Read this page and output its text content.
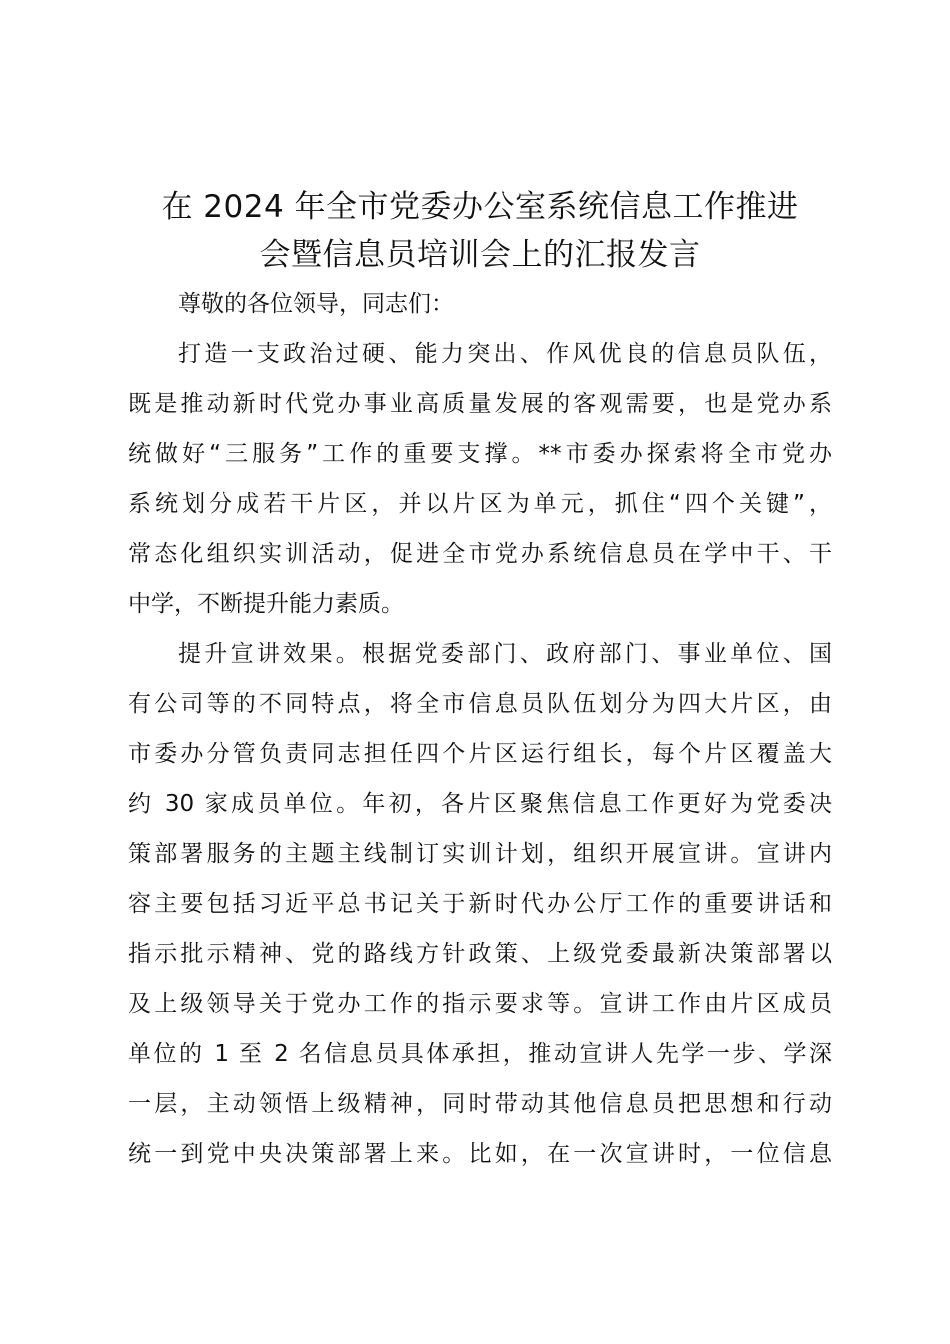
在 2024 年全市党委办公室系统信息工作推进
会暨信息员培训会上的汇报发言

尊敬的各位领导，同志们：

打造一支政治过硬、能力突出、作风优良的信息员队伍，
既是推动新时代党办事业高质量发展的客观需要，也是党办系
统做好“三服务”工作的重要支撑。**市委办探索将全市党办
系统划分成若干片区，并以片区为单元，抓住“四个关键”，
常态化组织实训活动，促进全市党办系统信息员在学中干、干
中学，不断提升能力素质。

提升宣讲效果。根据党委部门、政府部门、事业单位、国
有公司等的不同特点，将全市信息员队伍划分为四大片区，由
市委办分管负责同志担任四个片区运行组长，每个片区覆盖大
约 30 家成员单位。年初，各片区聚焦信息工作更好为党委决
策部署服务的主题主线制订实训计划，组织开展宣讲。宣讲内
容主要包括习近平总书记关于新时代办公厅工作的重要讲话和
指示批示精神、党的路线方针政策、上级党委最新决策部署以
及上级领导关于党办工作的指示要求等。宣讲工作由片区成员
单位的 1 至 2 名信息员具体承担，推动宣讲人先学一步、学深
一层，主动领悟上级精神，同时带动其他信息员把思想和行动
统一到党中央决策部署上来。比如，在一次宣讲时，一位信息
